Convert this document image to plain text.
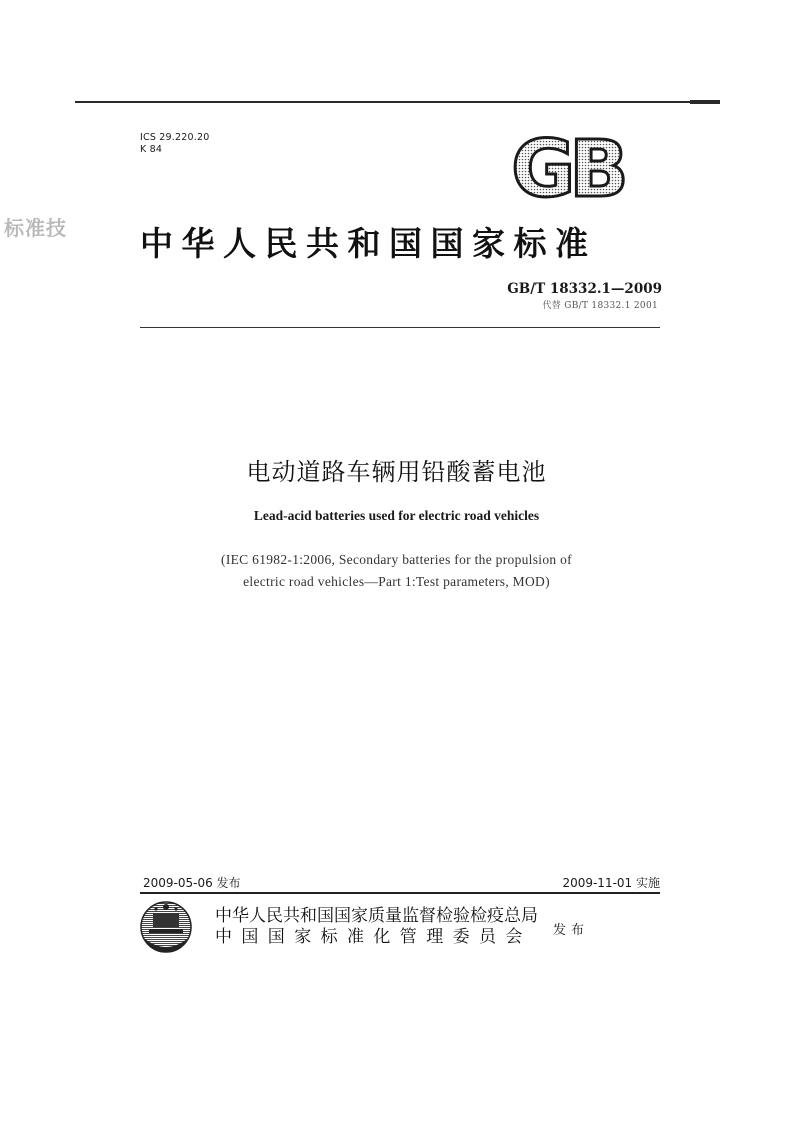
ICS 29.220.20
K 84	GB
标准技 中华人民共和国国家标准
GB/T 18332.1—2009
代替 GB/T 18332.1 2001
电动道路车辆用铅酸蓄电池
Lead-acid batteries used for electric road vehicles
(IEC 61982-1:2006, Secondary batteries for the propulsion of
electric road vehicles—Part 1:Test parameters, MOD)
2009-05-06 发布	2009-11-01 实施
中华人民共和国国家质量监督检验检疫总局
中国国家标准化管理委员会	发布
